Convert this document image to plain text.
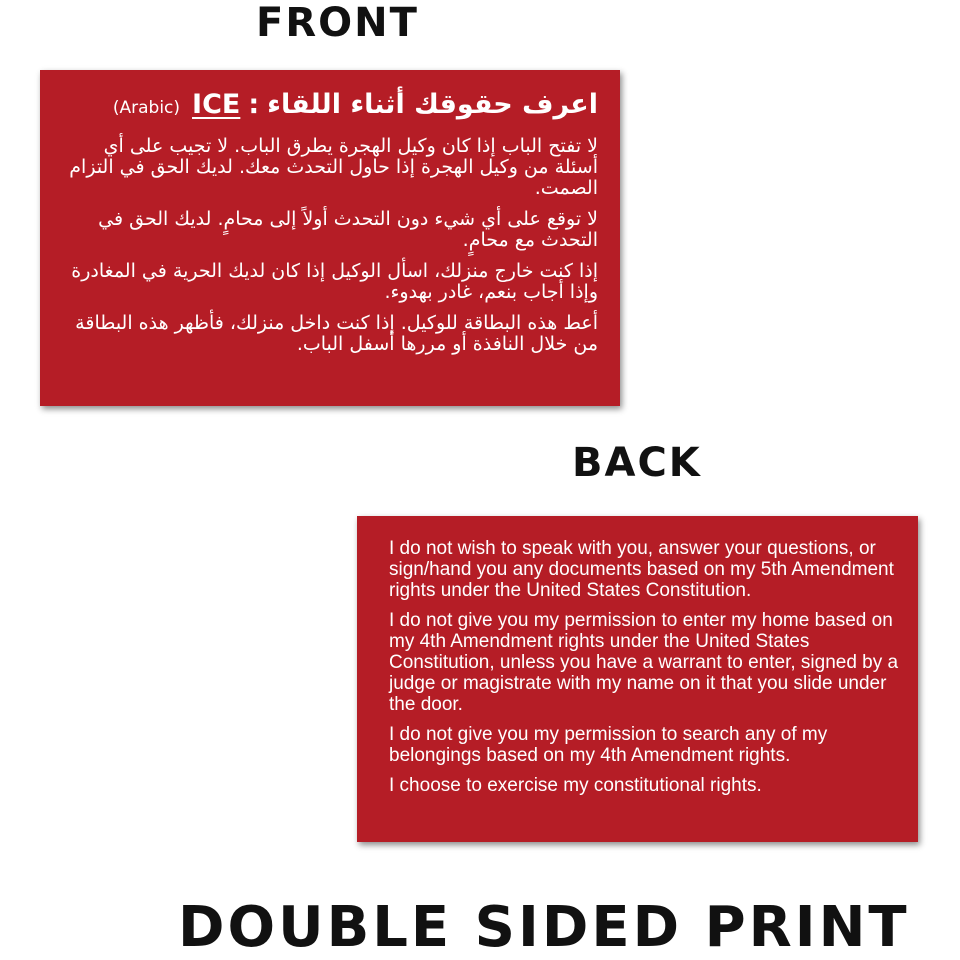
FRONT
اعرف حقوقك أثناء اللقاء
:
ICE
(Arabic)

لا تفتح الباب إذا كان وكيل الهجرة يطرق الباب. لا تجيب على أي أسئلة من وكيل الهجرة إذا حاول التحدث معك. لديك الحق في التزام الصمت.

لا توقع على أي شيء دون التحدث أولاً إلى محامٍ. لديك الحق في التحدث مع محامٍ.

إذا كنت خارج منزلك، اسأل الوكيل إذا كان لديك الحرية في المغادرة وإذا أجاب بنعم، غادر بهدوء.

أعط هذه البطاقة للوكيل. إذا كنت داخل منزلك، فأظهر هذه البطاقة من خلال النافذة أو مررها أسفل الباب.

BACK

I do not wish to speak with you, answer your questions, or sign/hand you any documents based on my 5th Amendment rights under the United States Constitution.

I do not give you my permission to enter my home based on my 4th Amendment rights under the United States Constitution, unless you have a warrant to enter, signed by a judge or magistrate with my name on it that you slide under the door.

I do not give you my permission to search any of my belongings based on my 4th Amendment rights.

I choose to exercise my constitutional rights.

DOUBLE SIDED PRINT
